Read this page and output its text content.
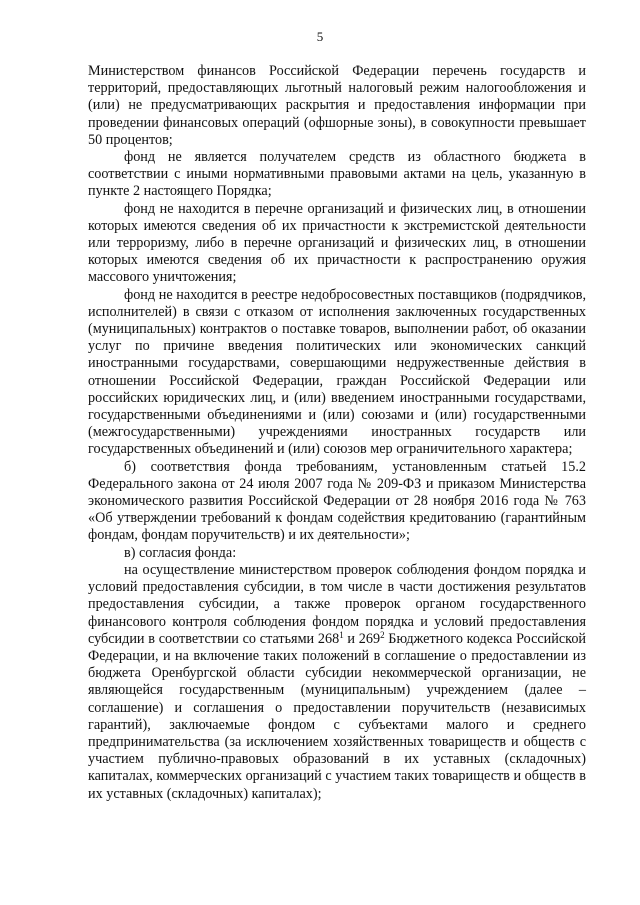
5

Министерством финансов Российской Федерации перечень государств и территорий, предоставляющих льготный налоговый режим налогообложения и (или) не предусматривающих раскрытия и предоставления информации при проведении финансовых операций (офшорные зоны), в совокупности превышает 50 процентов;

фонд не является получателем средств из областного бюджета в соответствии с иными нормативными правовыми актами на цель, указанную в пункте 2 настоящего Порядка;

фонд не находится в перечне организаций и физических лиц, в отношении которых имеются сведения об их причастности к экстремистской деятельности или терроризму, либо в перечне организаций и физических лиц, в отношении которых имеются сведения об их причастности к распространению оружия массового уничтожения;

фонд не находится в реестре недобросовестных поставщиков (подрядчиков, исполнителей) в связи с отказом от исполнения заключенных государственных (муниципальных) контрактов о поставке товаров, выполнении работ, об оказании услуг по причине введения политических или экономических санкций иностранными государствами, совершающими недружественные действия в отношении Российской Федерации, граждан Российской Федерации или российских юридических лиц, и (или) введением иностранными государствами, государственными объединениями и (или) союзами и (или) государственными (межгосударственными) учреждениями иностранных государств или государственных объединений и (или) союзов мер ограничительного характера;

б) соответствия фонда требованиям, установленным статьей 15.2 Федерального закона от 24 июля 2007 года № 209-ФЗ и приказом Министерства экономического развития Российской Федерации от 28 ноября 2016 года № 763 «Об утверждении требований к фондам содействия кредитованию (гарантийным фондам, фондам поручительств) и их деятельности»;

в) согласия фонда:

на осуществление министерством проверок соблюдения фондом порядка и условий предоставления субсидии, в том числе в части достижения результатов предоставления субсидии, а также проверок органом государственного финансового контроля соблюдения фондом порядка и условий предоставления субсидии в соответствии со статьями $268^1$ и $269^2$ Бюджетного кодекса Российской Федерации, и на включение таких положений в соглашение о предоставлении из бюджета Оренбургской области субсидии некоммерческой организации, не являющейся государственным (муниципальным) учреждением (далее – соглашение) и соглашения о предоставлении поручительств (независимых гарантий), заключаемые фондом с субъектами малого и среднего предпринимательства (за исключением хозяйственных товариществ и обществ с участием публично-правовых образований в их уставных (складочных) капиталах, коммерческих организаций с участием таких товариществ и обществ в их уставных (складочных) капиталах);
